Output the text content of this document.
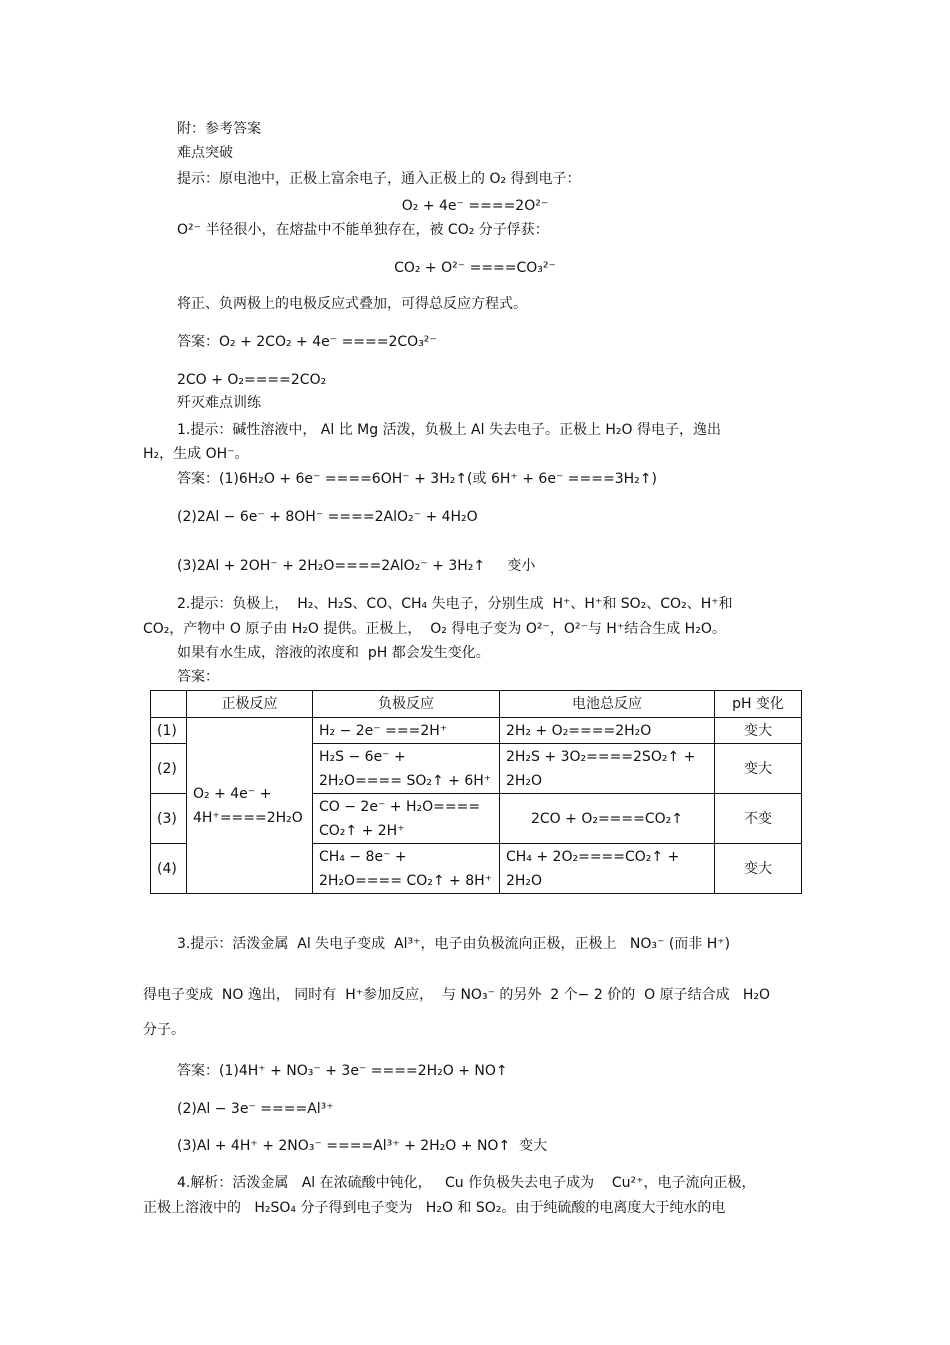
附：参考答案
难点突破
提示：原电池中，正极上富余电子，通入正极上的 O₂ 得到电子：
O₂ + 4e⁻ ====2O²⁻
O²⁻ 半径很小，在熔盐中不能单独存在，被 CO₂ 分子俘获：
CO₂ + O²⁻ ====CO₃²⁻
将正、负两极上的电极反应式叠加，可得总反应方程式。
答案：O₂ + 2CO₂ + 4e⁻ ====2CO₃²⁻
2CO + O₂====2CO₂
歼灭难点训练
1.提示：碱性溶液中， Al 比 Mg 活泼，负极上 Al 失去电子。正极上 H₂O 得电子，逸出
H₂，生成 OH⁻。
答案：(1)6H₂O + 6e⁻ ====6OH⁻ + 3H₂↑(或 6H⁺ + 6e⁻ ====3H₂↑)
(2)2Al − 6e⁻ + 8OH⁻ ====2AlO₂⁻ + 4H₂O
(3)2Al + 2OH⁻ + 2H₂O====2AlO₂⁻ + 3H₂↑     变小
2.提示：负极上，  H₂、H₂S、CO、CH₄ 失电子，分别生成  H⁺、H⁺和 SO₂、CO₂、H⁺和
CO₂，产物中 O 原子由 H₂O 提供。正极上，  O₂ 得电子变为 O²⁻，O²⁻与 H⁺结合生成 H₂O。
如果有水生成，溶液的浓度和  pH 都会发生变化。
答案：
	正极反应	负极反应	电池总反应	pH 变化
(1)	O₂ + 4e⁻ + 4H⁺====2H₂O	H₂ − 2e⁻ ===2H⁺	2H₂ + O₂====2H₂O	变大
(2)		H₂S − 6e⁻ + 2H₂O==== SO₂↑ + 6H⁺	2H₂S + 3O₂====2SO₂↑ + 2H₂O	变大
(3)		CO − 2e⁻ + H₂O==== CO₂↑ + 2H⁺	2CO + O₂====CO₂↑	不变
(4)		CH₄ − 8e⁻ + 2H₂O==== CO₂↑ + 8H⁺	CH₄ + 2O₂====CO₂↑ + 2H₂O	变大
3.提示：活泼金属  Al 失电子变成  Al³⁺，电子由负极流向正极，正极上   NO₃⁻ (而非 H⁺)
得电子变成  NO 逸出， 同时有  H⁺参加反应，  与 NO₃⁻ 的另外  2 个− 2 价的  O 原子结合成   H₂O
分子。
答案：(1)4H⁺ + NO₃⁻ + 3e⁻ ====2H₂O + NO↑
(2)Al − 3e⁻ ====Al³⁺
(3)Al + 4H⁺ + 2NO₃⁻ ====Al³⁺ + 2H₂O + NO↑  变大
4.解析：活泼金属   Al 在浓硫酸中钝化，   Cu 作负极失去电子成为    Cu²⁺，电子流向正极，
正极上溶液中的   H₂SO₄ 分子得到电子变为   H₂O 和 SO₂。由于纯硫酸的电离度大于纯水的电
